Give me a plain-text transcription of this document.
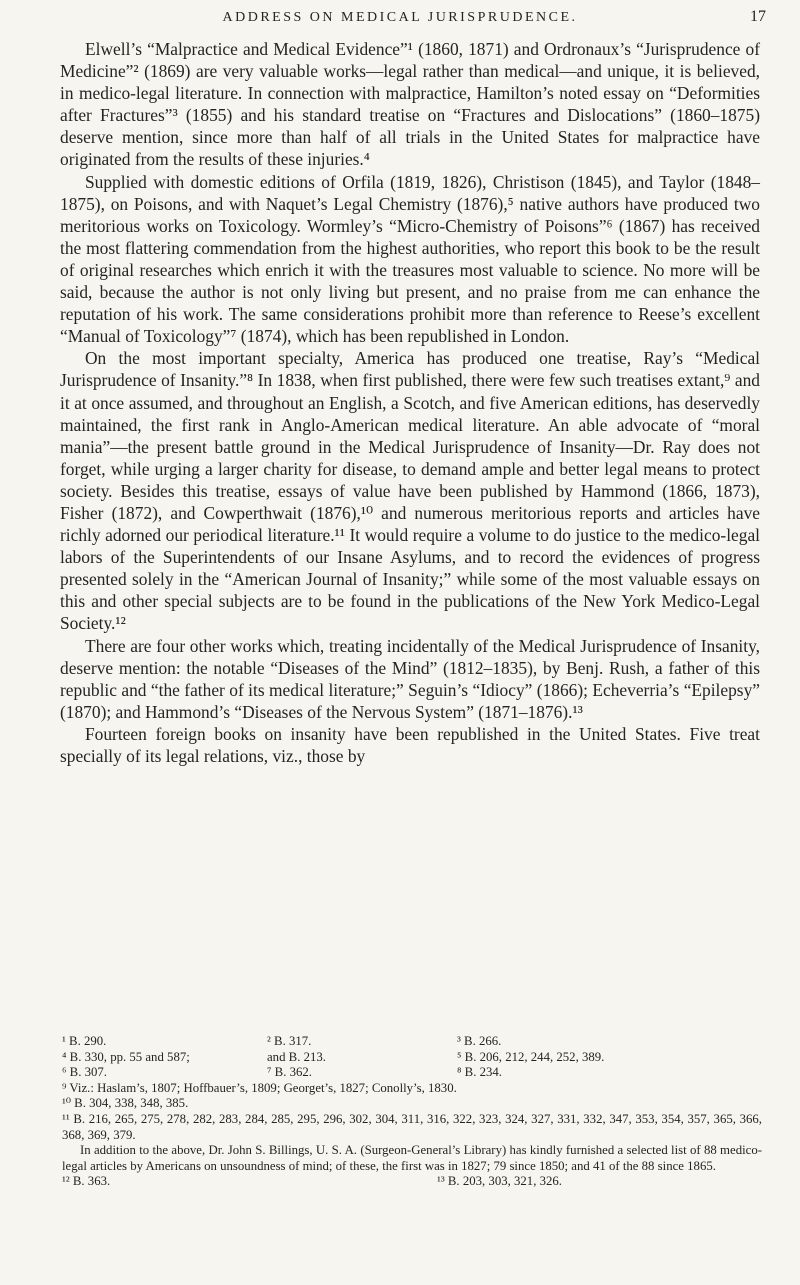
ADDRESS ON MEDICAL JURISPRUDENCE.	17

Elwell’s “Malpractice and Medical Evidence”¹ (1860, 1871) and Ordronaux’s “Jurisprudence of Medicine”² (1869) are very valuable works—legal rather than medical—and unique, it is believed, in medico-legal literature. In connection with malpractice, Hamilton’s noted essay on “Deformities after Fractures”³ (1855) and his standard treatise on “Fractures and Dislocations” (1860–1875) deserve mention, since more than half of all trials in the United States for malpractice have originated from the results of these injuries.⁴

Supplied with domestic editions of Orfila (1819, 1826), Christison (1845), and Taylor (1848–1875), on Poisons, and with Naquet’s Legal Chemistry (1876),⁵ native authors have produced two meritorious works on Toxicology. Wormley’s “Micro-Chemistry of Poisons”⁶ (1867) has received the most flattering commendation from the highest authorities, who report this book to be the result of original researches which enrich it with the treasures most valuable to science. No more will be said, because the author is not only living but present, and no praise from me can enhance the reputation of his work. The same considerations prohibit more than reference to Reese’s excellent “Manual of Toxicology”⁷ (1874), which has been republished in London.

On the most important specialty, America has produced one treatise, Ray’s “Medical Jurisprudence of Insanity.”⁸ In 1838, when first published, there were few such treatises extant,⁹ and it at once assumed, and throughout an English, a Scotch, and five American editions, has deservedly maintained, the first rank in Anglo-American medical literature. An able advocate of “moral mania”—the present battle ground in the Medical Jurisprudence of Insanity—Dr. Ray does not forget, while urging a larger charity for disease, to demand ample and better legal means to protect society. Besides this treatise, essays of value have been published by Hammond (1866, 1873), Fisher (1872), and Cowperthwait (1876),¹⁰ and numerous meritorious reports and articles have richly adorned our periodical literature.¹¹ It would require a volume to do justice to the medico-legal labors of the Superintendents of our Insane Asylums, and to record the evidences of progress presented solely in the “American Journal of Insanity;” while some of the most valuable essays on this and other special subjects are to be found in the publications of the New York Medico-Legal Society.¹²

There are four other works which, treating incidentally of the Medical Jurisprudence of Insanity, deserve mention: the notable “Diseases of the Mind” (1812–1835), by Benj. Rush, a father of this republic and “the father of its medical literature;” Seguin’s “Idiocy” (1866); Echeverria’s “Epilepsy” (1870); and Hammond’s “Diseases of the Nervous System” (1871–1876).¹³

Fourteen foreign books on insanity have been republished in the United States. Five treat specially of its legal relations, viz., those by

¹ B. 290.	² B. 317.	³ B. 266.
⁴ B. 330, pp. 55 and 587;	and B. 213.	⁵ B. 206, 212, 244, 252, 389.
⁶ B. 307.	⁷ B. 362.	⁸ B. 234.

⁹ Viz.: Haslam’s, 1807; Hoffbauer’s, 1809; Georget’s, 1827; Conolly’s, 1830.

¹⁰ B. 304, 338, 348, 385.

¹¹ B. 216, 265, 275, 278, 282, 283, 284, 285, 295, 296, 302, 304, 311, 316, 322, 323, 324, 327, 331, 332, 347, 353, 354, 357, 365, 366, 368, 369, 379.

In addition to the above, Dr. John S. Billings, U. S. A. (Surgeon-General’s Library) has kindly furnished a selected list of 88 medico-legal articles by Americans on unsoundness of mind; of these, the first was in 1827; 79 since 1850; and 41 of the 88 since 1865.

¹² B. 363.	¹³ B. 203, 303, 321, 326.
